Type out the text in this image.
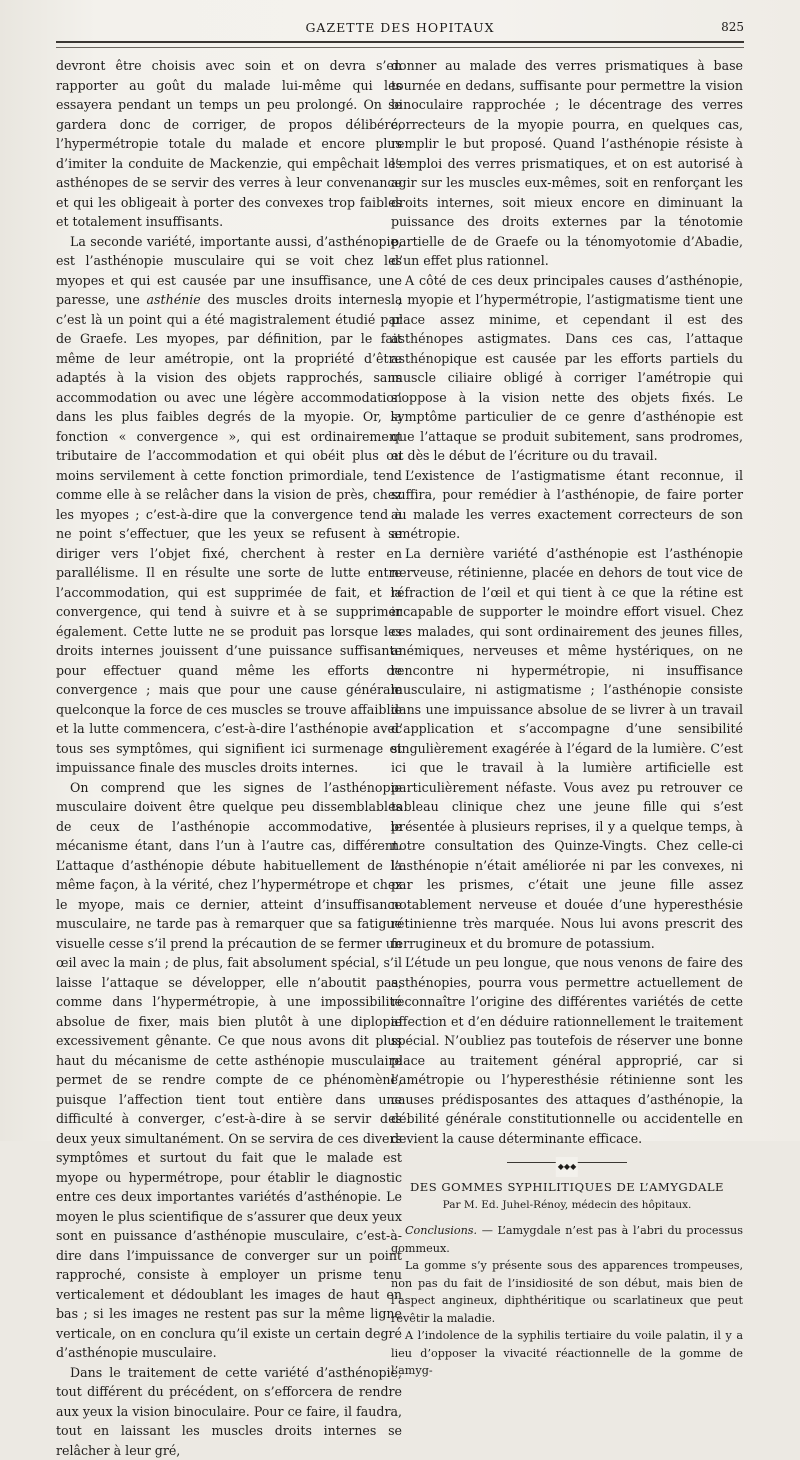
GAZETTE DES HOPITAUX	825

devront être choisis avec soin et on devra s’en rapporter au goût du malade lui-même qui les essayera pendant un temps un peu prolongé. On se gardera donc de corriger, de propos délibéré, l’hypermétropie totale du malade et encore plus d’imiter la conduite de Mackenzie, qui empêchait les asthénopes de se servir des verres à leur convenance et qui les obligeait à porter des convexes trop faibles et totalement insuffisants.

La seconde variété, importante aussi, d’asthénopie, est l’asthénopie musculaire qui se voit chez les myopes et qui est causée par une insuffisance, une paresse, une asthénie des muscles droits internes ; c’est là un point qui a été magistralement étudié par de Graefe. Les myopes, par définition, par le fait même de leur amétropie, ont la propriété d’être adaptés à la vision des objets rapprochés, sans accommodation ou avec une légère accommodation dans les plus faibles degrés de la myopie. Or, la fonction « convergence », qui est ordinairement tributaire de l’accommodation et qui obéit plus ou moins servilement à cette fonction primordiale, tend comme elle à se relâcher dans la vision de près, chez les myopes ; c’est-à-dire que la convergence tend à ne point s’effectuer, que les yeux se refusent à se diriger vers l’objet fixé, cherchent à rester en parallélisme. Il en résulte une sorte de lutte entre l’accommodation, qui est supprimée de fait, et la convergence, qui tend à suivre et à se supprimer également. Cette lutte ne se produit pas lorsque les droits internes jouissent d’une puissance suffisante pour effectuer quand même les efforts de convergence ; mais que pour une cause générale quelconque la force de ces muscles se trouve affaiblie et la lutte commencera, c’est-à-dire l’asthénopie avec tous ses symptômes, qui signifient ici surmenage et impuissance finale des muscles droits internes.

On comprend que les signes de l’asthénopie musculaire doivent être quelque peu dissemblables de ceux de l’asthénopie accommodative, le mécanisme étant, dans l’un à l’autre cas, différent. L’attaque d’asthénopie débute habituellement de la même façon, à la vérité, chez l’hypermétrope et chez le myope, mais ce dernier, atteint d’insuffisance musculaire, ne tarde pas à remarquer que sa fatigue visuelle cesse s’il prend la précaution de se fermer un œil avec la main ; de plus, fait absolument spécial, s’il laisse l’attaque se développer, elle n’aboutit pas, comme dans l’hypermétropie, à une impossibilité absolue de fixer, mais bien plutôt à une diplopie excessivement gênante. Ce que nous avons dit plus haut du mécanisme de cette asthénopie musculaire permet de se rendre compte de ce phénomène, puisque l’affection tient tout entière dans une difficulté à converger, c’est-à-dire à se servir des deux yeux simultanément. On se servira de ces divers symptômes et surtout du fait que le malade est myope ou hypermétrope, pour établir le diagnostic entre ces deux importantes variétés d’asthénopie. Le moyen le plus scientifique de s’assurer que deux yeux sont en puissance d’asthénopie musculaire, c’est-à-dire dans l’impuissance de converger sur un point rapproché, consiste à employer un prisme tenu verticalement et dédoublant les images de haut en bas ; si les images ne restent pas sur la même ligne verticale, on en conclura qu’il existe un certain degré d’asthénopie musculaire.

Dans le traitement de cette variété d’asthénopie, tout différent du précédent, on s’efforcera de rendre aux yeux la vision binoculaire. Pour ce faire, il faudra, tout en laissant les muscles droits internes se relâcher à leur gré,

donner au malade des verres prismatiques à base tournée en dedans, suffisante pour permettre la vision binoculaire rapprochée ; le décentrage des verres correcteurs de la myopie pourra, en quelques cas, remplir le but proposé. Quand l’asthénopie résiste à l’emploi des verres prismatiques, et on est autorisé à agir sur les muscles eux-mêmes, soit en renforçant les droits internes, soit mieux encore en diminuant la puissance des droits externes par la ténotomie partielle de de Graefe ou la ténomyotomie d’Abadie, d’un effet plus rationnel.

A côté de ces deux principales causes d’asthénopie, la myopie et l’hypermétropie, l’astigmatisme tient une place assez minime, et cependant il est des asthénopes astigmates. Dans ces cas, l’attaque asthénopique est causée par les efforts partiels du muscle ciliaire obligé à corriger l’amétropie qui s’oppose à la vision nette des objets fixés. Le symptôme particulier de ce genre d’asthénopie est que l’attaque se produit subitement, sans prodromes, et dès le début de l’écriture ou du travail.

L’existence de l’astigmatisme étant reconnue, il suffira, pour remédier à l’asthénopie, de faire porter au malade les verres exactement correcteurs de son amétropie.

La dernière variété d’asthénopie est l’asthénopie nerveuse, rétinienne, placée en dehors de tout vice de réfraction de l’œil et qui tient à ce que la rétine est incapable de supporter le moindre effort visuel. Chez ces malades, qui sont ordinairement des jeunes filles, anémiques, nerveuses et même hystériques, on ne rencontre ni hypermétropie, ni insuffisance musculaire, ni astigmatisme ; l’asthénopie consiste dans une impuissance absolue de se livrer à un travail d’application et s’accompagne d’une sensibilité singulièrement exagérée à l’égard de la lumière. C’est ici que le travail à la lumière artificielle est particulièrement néfaste. Vous avez pu retrouver ce tableau clinique chez une jeune fille qui s’est présentée à plusieurs reprises, il y a quelque temps, à notre consultation des Quinze-Vingts. Chez celle-ci l’asthénopie n’était améliorée ni par les convexes, ni par les prismes, c’était une jeune fille assez notablement nerveuse et douée d’une hyperesthésie rétinienne très marquée. Nous lui avons prescrit des ferrugineux et du bromure de potassium.

L’étude un peu longue, que nous venons de faire des asthénopies, pourra vous permettre actuellement de reconnaître l’origine des différentes variétés de cette affection et d’en déduire rationnellement le traitement spécial. N’oubliez pas toutefois de réserver une bonne place au traitement général approprié, car si l’amétropie ou l’hyperesthésie rétinienne sont les causes prédisposantes des attaques d’asthénopie, la débilité générale constitutionnelle ou accidentelle en devient la cause déterminante efficace.

◆◆◆
DES GOMMES SYPHILITIQUES DE L’AMYGDALE
Par M. Ed. Juhel-Rénoy, médecin des hôpitaux.

Conclusions. — L’amygdale n’est pas à l’abri du processus gommeux.

La gomme s’y présente sous des apparences trompeuses, non pas du fait de l’insidiosité de son début, mais bien de l’aspect angineux, diphthéritique ou scarlatineux que peut revêtir la maladie.

A l’indolence de la syphilis tertiaire du voile palatin, il y a lieu d’opposer la vivacité réactionnelle de la gomme de l’amyg-
